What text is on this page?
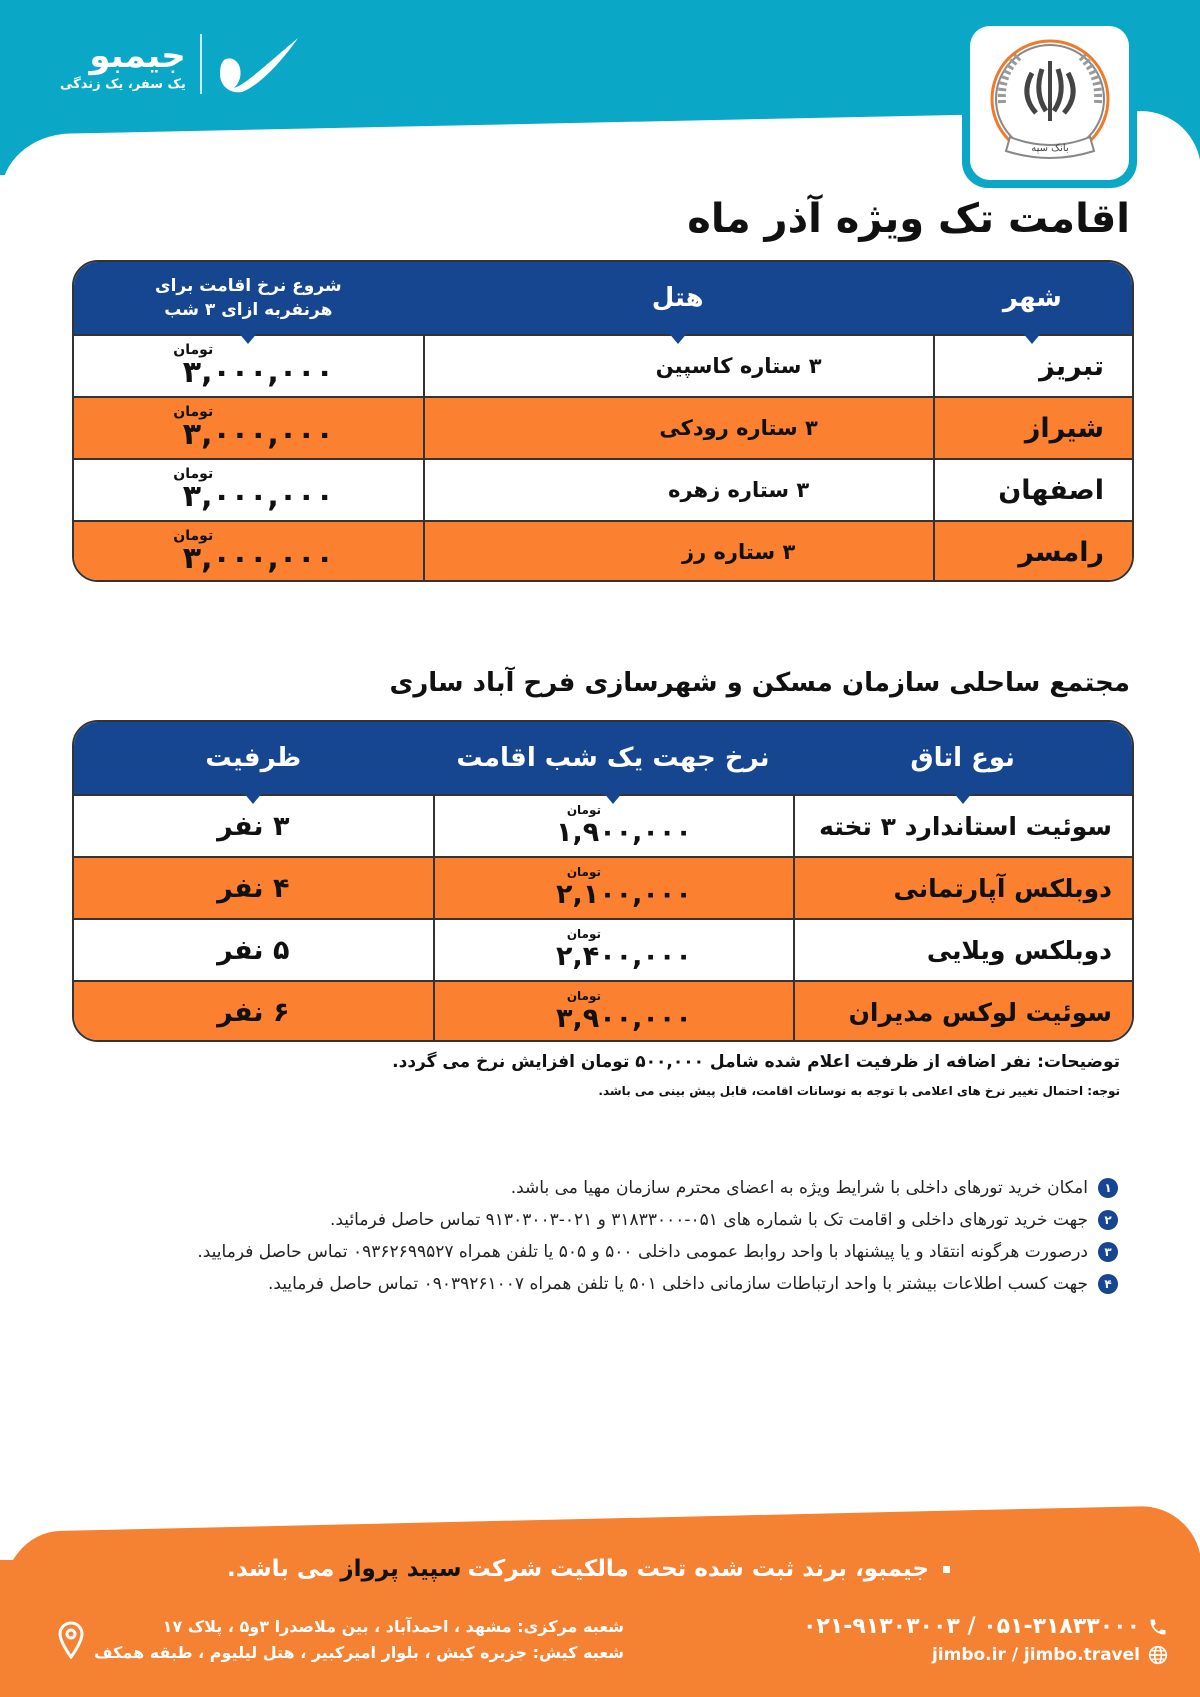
جیمبو
یک سفر، یک زندگی
بانک سپه
اقامت تک ویژه آذر ماه
شهر
هتل
شروع نرخ اقامت برای هرنفربه ازای ۳ شب
تبریز
۳ ستاره کاسپین
تومان
۳,۰۰۰,۰۰۰
شیراز
۳ ستاره رودکی
تومان
۳,۰۰۰,۰۰۰
اصفهان
۳ ستاره زهره
تومان
۳,۰۰۰,۰۰۰
رامسر
۳ ستاره رز
تومان
۳,۰۰۰,۰۰۰
مجتمع ساحلی سازمان مسکن و شهرسازی فرح آباد ساری
نوع اتاق
نرخ جهت یک شب اقامت
ظرفیت
سوئیت استاندارد ۳ تخته
تومان
۱,۹۰۰,۰۰۰
۳ نفر
دوبلکس آپارتمانی
تومان
۲,۱۰۰,۰۰۰
۴ نفر
دوبلکس ویلایی
تومان
۲,۴۰۰,۰۰۰
۵ نفر
سوئیت لوکس مدیران
تومان
۳,۹۰۰,۰۰۰
۶ نفر
توضیحات: نفر اضافه از ظرفیت اعلام شده شامل ۵۰۰,۰۰۰ تومان افزایش نرخ می گردد.
توجه: احتمال تغییر نرخ های اعلامی با توجه به نوسانات اقامت، قابل پیش بینی می باشد.
۱
امکان خرید تورهای داخلی با شرایط ویژه به اعضای محترم سازمان مهیا می باشد.
۲
جهت خرید تورهای داخلی و اقامت تک با شماره های ۰۵۱-۳۱۸۳۳۰۰۰ و ۰۲۱-۹۱۳۰۳۰۰۳ تماس حاصل فرمائید.
۳
درصورت هرگونه انتقاد و یا پیشنهاد با واحد روابط عمومی داخلی ۵۰۰ و ۵۰۵ یا تلفن همراه ۰۹۳۶۲۶۹۹۵۲۷ تماس حاصل فرمایید.
۴
جهت کسب اطلاعات بیشتر با واحد ارتباطات سازمانی داخلی ۵۰۱ یا تلفن همراه ۰۹۰۳۹۲۶۱۰۰۷ تماس حاصل فرمایید.
جیمبو، برند ثبت شده تحت مالکیت شرکت
سپید پرواز
می باشد.
۰۲۱-۹۱۳۰۳۰۰۳ / ۰۵۱-۳۱۸۳۳۰۰۰
jimbo.ir / jimbo.travel
شعبه مرکزی: مشهد ، احمدآباد ، بین ملاصدرا ۳و۵ ، پلاک ۱۷
شعبه کیش: جزیره کیش ، بلوار امیرکبیر ، هتل لیلیوم ، طبقه همکف
